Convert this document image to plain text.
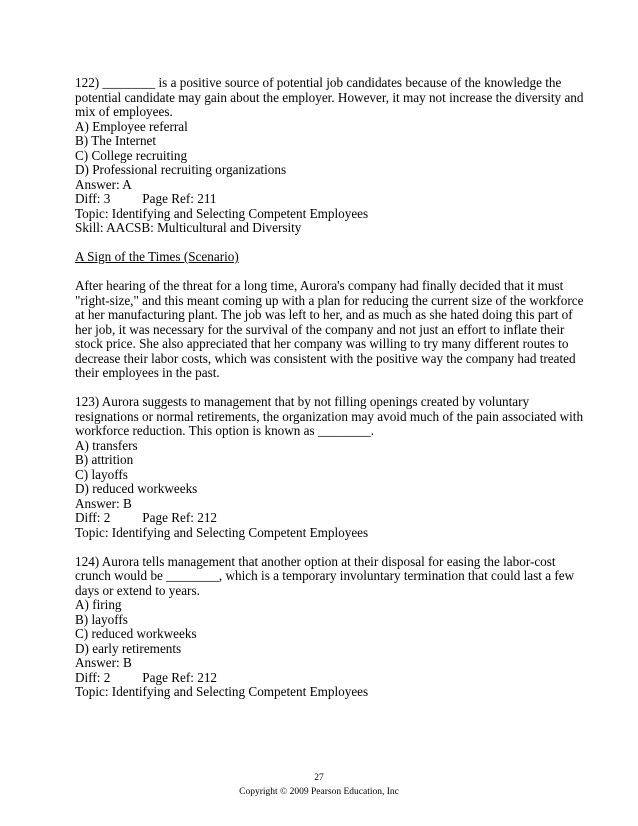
122) ________ is a positive source of potential job candidates because of the knowledge the
potential candidate may gain about the employer. However, it may not increase the diversity and
mix of employees.
A) Employee referral
B) The Internet
C) College recruiting
D) Professional recruiting organizations
Answer: A
Diff: 3 Page Ref: 211
Topic: Identifying and Selecting Competent Employees
Skill: AACSB: Multicultural and Diversity
A Sign of the Times (Scenario)
After hearing of the threat for a long time, Aurora's company had finally decided that it must
"right-size," and this meant coming up with a plan for reducing the current size of the workforce
at her manufacturing plant. The job was left to her, and as much as she hated doing this part of
her job, it was necessary for the survival of the company and not just an effort to inflate their
stock price. She also appreciated that her company was willing to try many different routes to
decrease their labor costs, which was consistent with the positive way the company had treated
their employees in the past.
123) Aurora suggests to management that by not filling openings created by voluntary
resignations or normal retirements, the organization may avoid much of the pain associated with
workforce reduction. This option is known as ________.
A) transfers
B) attrition
C) layoffs
D) reduced workweeks
Answer: B
Diff: 2 Page Ref: 212
Topic: Identifying and Selecting Competent Employees
124) Aurora tells management that another option at their disposal for easing the labor-cost
crunch would be ________, which is a temporary involuntary termination that could last a few
days or extend to years.
A) firing
B) layoffs
C) reduced workweeks
D) early retirements
Answer: B
Diff: 2 Page Ref: 212
Topic: Identifying and Selecting Competent Employees
27
Copyright © 2009 Pearson Education, Inc
